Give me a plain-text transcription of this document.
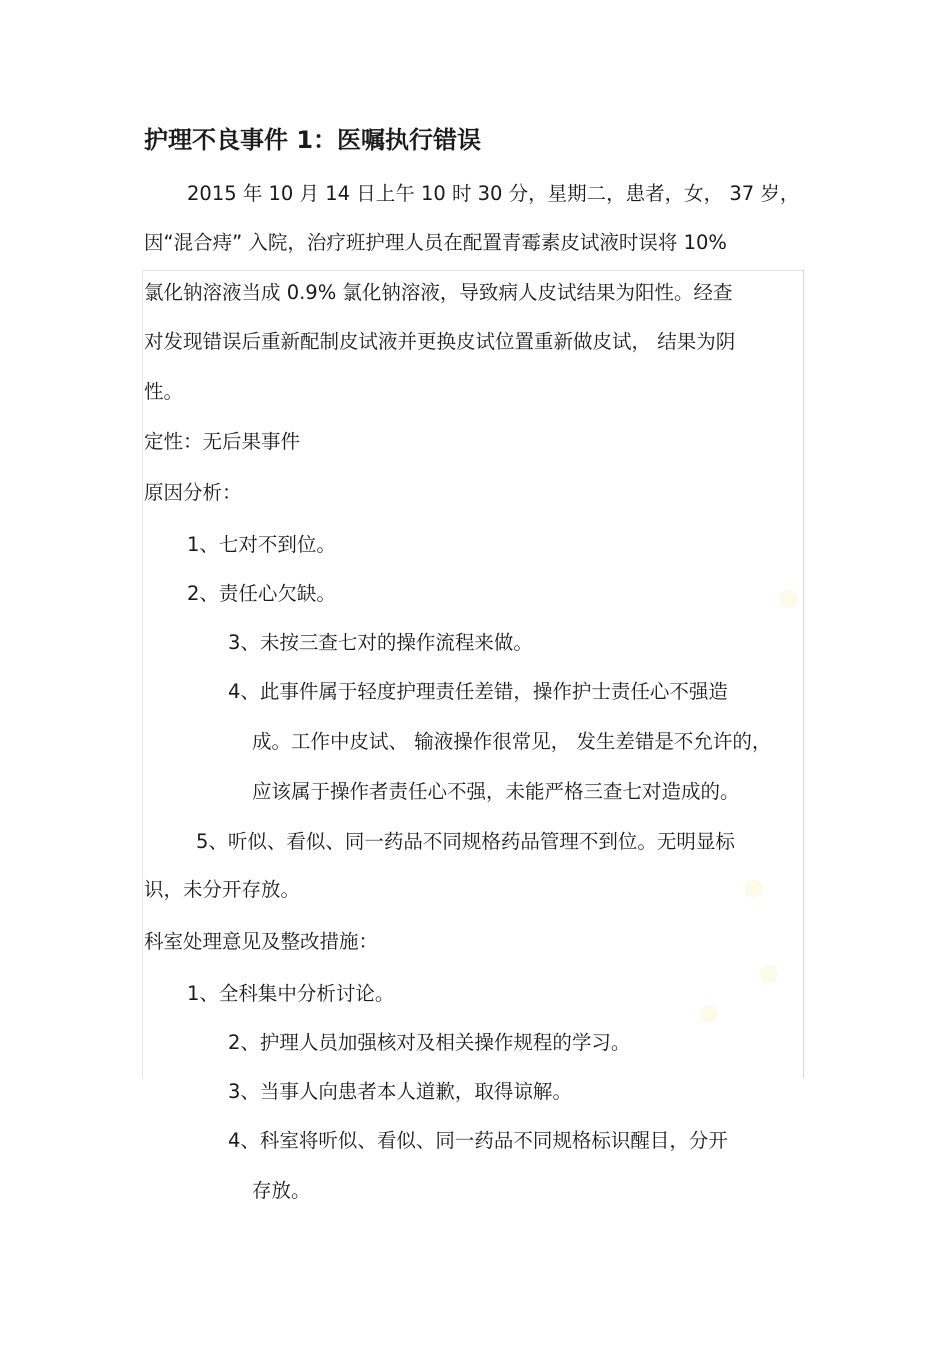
护理不良事件 1：医嘱执行错误

2015 年 10 月 14 日上午 10 时 30 分，星期二，患者，女， 37 岁，

因“混合痔” 入院，治疗班护理人员在配置青霉素皮试液时误将 10%

氯化钠溶液当成 0.9% 氯化钠溶液，导致病人皮试结果为阳性。经查

对发现错误后重新配制皮试液并更换皮试位置重新做皮试， 结果为阴

性。

定性：无后果事件

原因分析：

1、七对不到位。

2、责任心欠缺。

3、未按三查七对的操作流程来做。

4、此事件属于轻度护理责任差错，操作护士责任心不强造

成。工作中皮试、 输液操作很常见， 发生差错是不允许的，

应该属于操作者责任心不强，未能严格三查七对造成的。

5、听似、看似、同一药品不同规格药品管理不到位。无明显标

识，未分开存放。

科室处理意见及整改措施：

1、全科集中分析讨论。

2、护理人员加强核对及相关操作规程的学习。

3、当事人向患者本人道歉，取得谅解。

4、科室将听似、看似、同一药品不同规格标识醒目，分开

存放。
